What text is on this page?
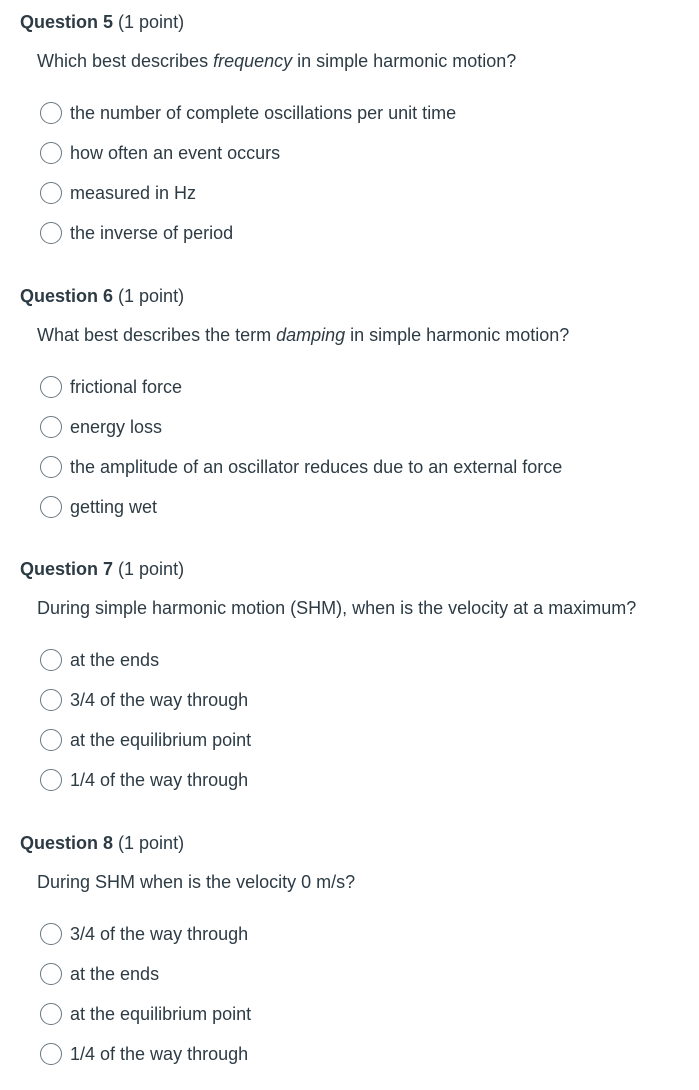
Question 5 (1 point)
Which best describes frequency in simple harmonic motion?
the number of complete oscillations per unit time
how often an event occurs
measured in Hz
the inverse of period
Question 6 (1 point)
What best describes the term damping in simple harmonic motion?
frictional force
energy loss
the amplitude of an oscillator reduces due to an external force
getting wet
Question 7 (1 point)
During simple harmonic motion (SHM), when is the velocity at a maximum?
at the ends
3/4 of the way through
at the equilibrium point
1/4 of the way through
Question 8 (1 point)
During SHM when is the velocity 0 m/s?
3/4 of the way through
at the ends
at the equilibrium point
1/4 of the way through
